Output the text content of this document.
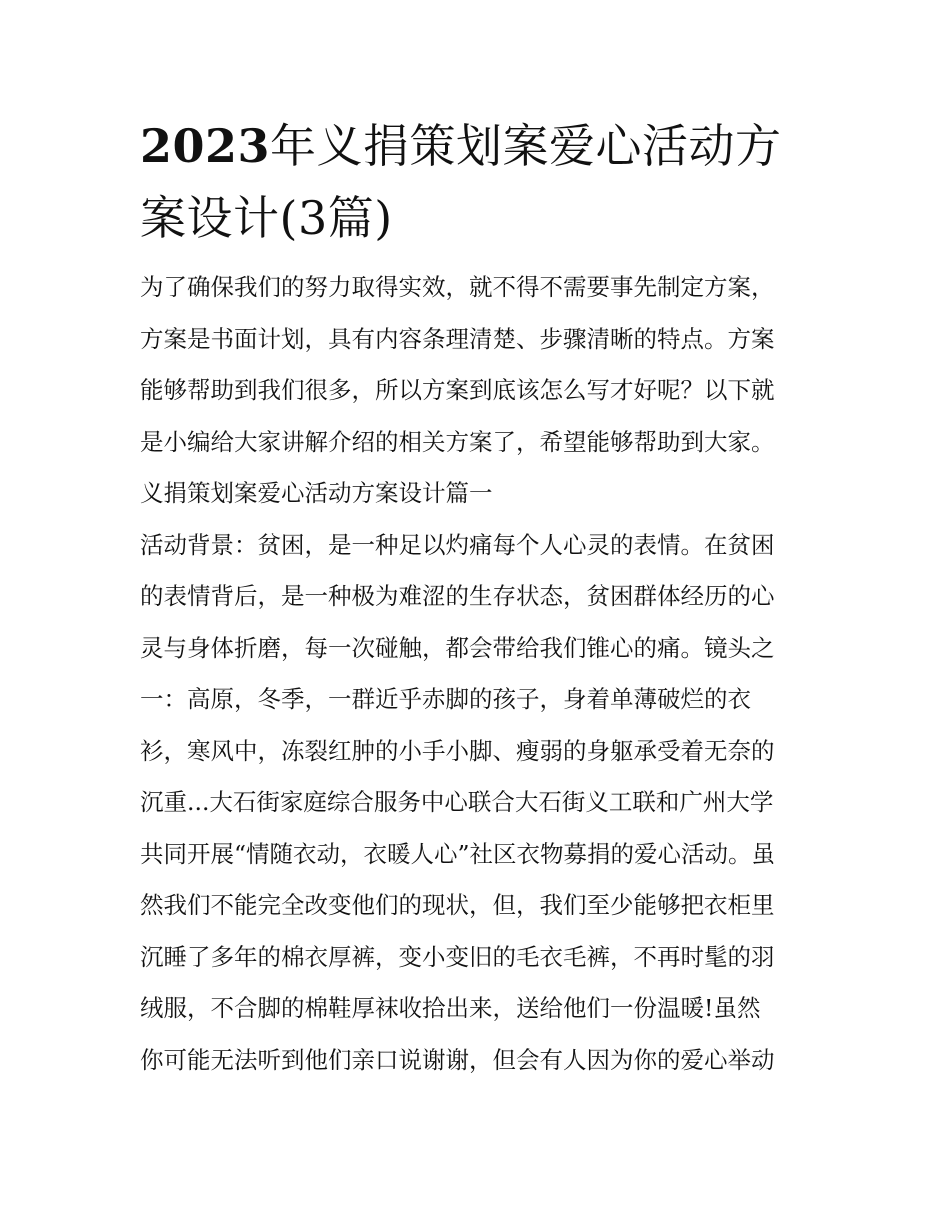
2023年义捐策划案爱心活动方
案设计(3篇)
为了确保我们的努力取得实效，就不得不需要事先制定方案，
方案是书面计划，具有内容条理清楚、步骤清晰的特点。方案
能够帮助到我们很多，所以方案到底该怎么写才好呢？以下就
是小编给大家讲解介绍的相关方案了，希望能够帮助到大家。
义捐策划案爱心活动方案设计篇一
活动背景：贫困，是一种足以灼痛每个人心灵的表情。在贫困
的表情背后，是一种极为难涩的生存状态，贫困群体经历的心
灵与身体折磨，每一次碰触，都会带给我们锥心的痛。镜头之
一：高原，冬季，一群近乎赤脚的孩子，身着单薄破烂的衣
衫，寒风中，冻裂红肿的小手小脚、瘦弱的身躯承受着无奈的
沉重...大石街家庭综合服务中心联合大石街义工联和广州大学
共同开展“情随衣动，衣暖人心”社区衣物募捐的爱心活动。虽
然我们不能完全改变他们的现状，但，我们至少能够把衣柜里
沉睡了多年的棉衣厚裤，变小变旧的毛衣毛裤，不再时髦的羽
绒服，不合脚的棉鞋厚袜收拾出来，送给他们一份温暖!虽然
你可能无法听到他们亲口说谢谢，但会有人因为你的爱心举动
